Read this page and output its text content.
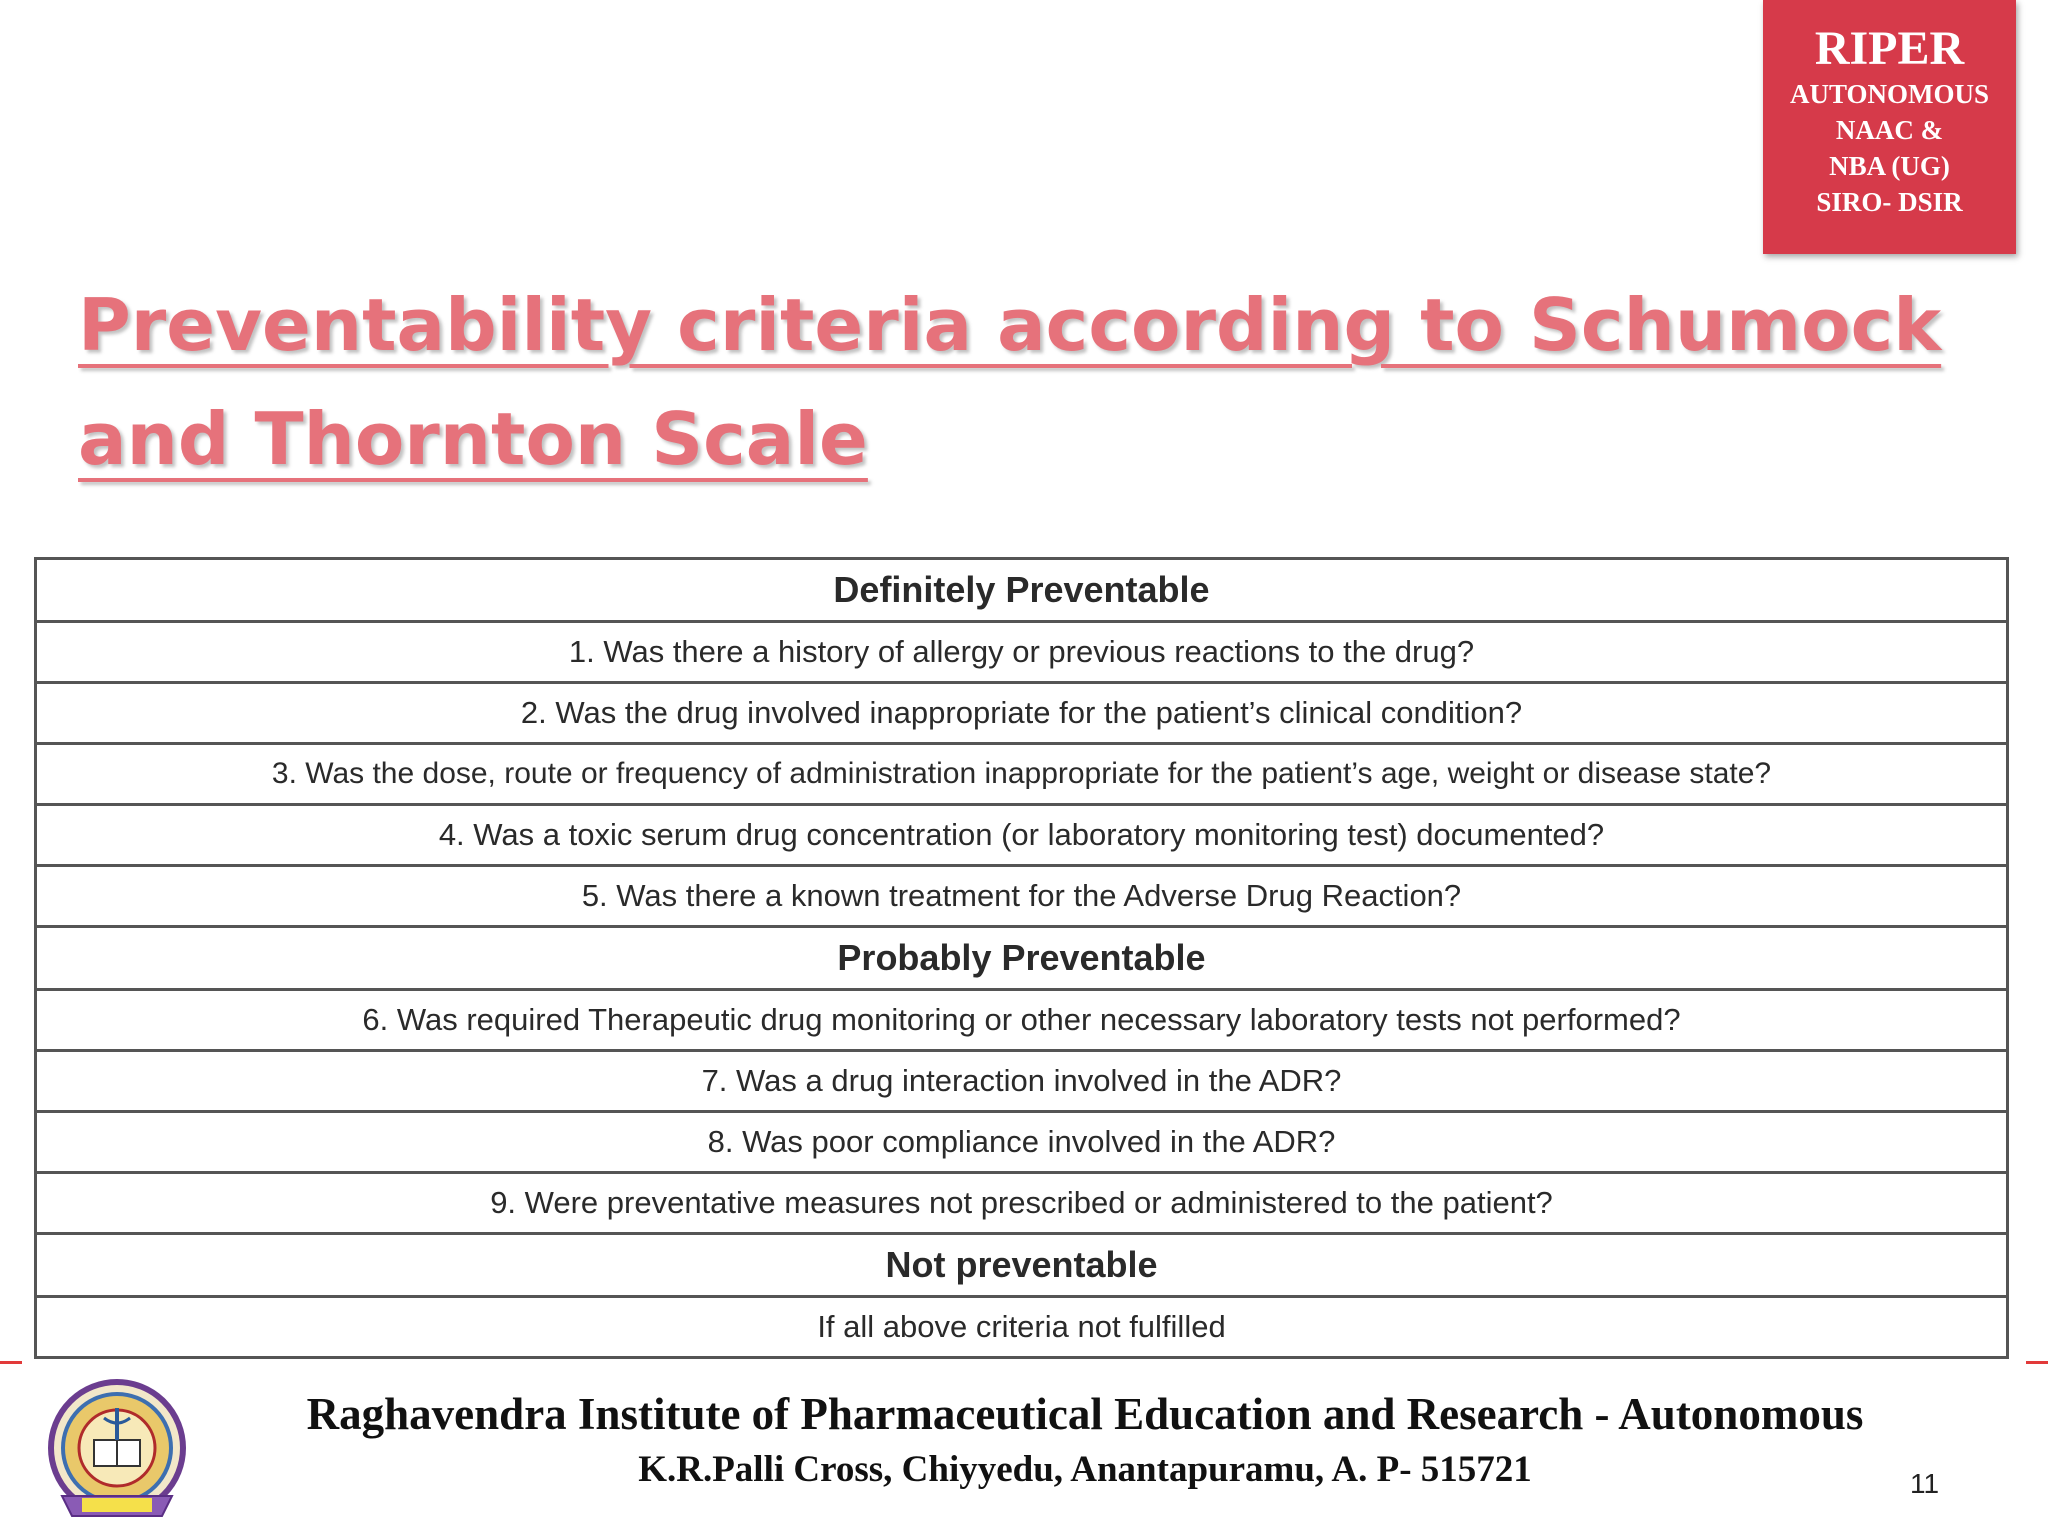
RIPER
AUTONOMOUS
NAAC &
NBA (UG)
SIRO- DSIR
Preventability criteria according to Schumock and Thornton Scale
Definitely Preventable
1. Was there a history of allergy or previous reactions to the drug?
2. Was the drug involved inappropriate for the patient’s clinical condition?
3. Was the dose, route or frequency of administration inappropriate for the patient’s age, weight or disease state?
4. Was a toxic serum drug concentration (or laboratory monitoring test) documented?
5. Was there a known treatment for the Adverse Drug Reaction?
Probably Preventable
6. Was required Therapeutic drug monitoring or other necessary laboratory tests not performed?
7. Was a drug interaction involved in the ADR?
8. Was poor compliance involved in the ADR?
9. Were preventative measures not prescribed or administered to the patient?
Not preventable
If all above criteria not fulfilled
Raghavendra Institute of Pharmaceutical Education and Research - Autonomous
K.R.Palli Cross, Chiyyedu, Anantapuramu, A. P- 515721	11
